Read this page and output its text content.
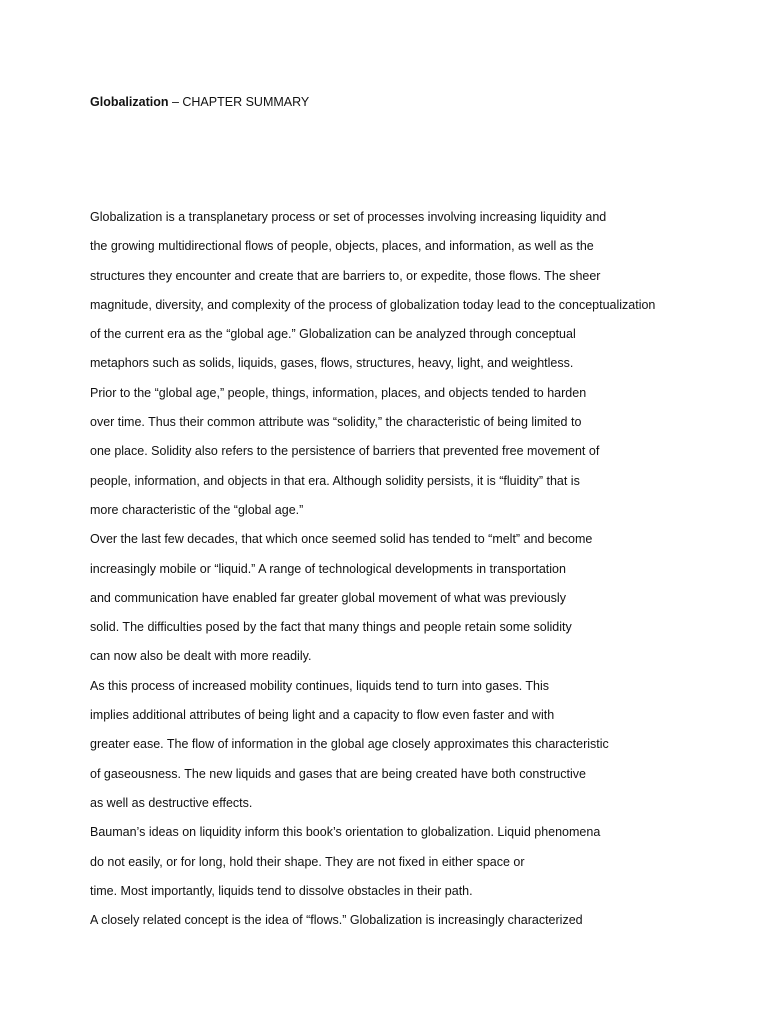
Globalization – CHAPTER SUMMARY
Globalization is a transplanetary process or set of processes involving increasing liquidity and
the growing multidirectional flows of people, objects, places, and information, as well as the
structures they encounter and create that are barriers to, or expedite, those flows. The sheer
magnitude, diversity, and complexity of the process of globalization today lead to the conceptualization
of the current era as the “global age.” Globalization can be analyzed through conceptual
metaphors such as solids, liquids, gases, flows, structures, heavy, light, and weightless.
Prior to the “global age,” people, things, information, places, and objects tended to harden
over time. Thus their common attribute was “solidity,” the characteristic of being limited to
one place. Solidity also refers to the persistence of barriers that prevented free movement of
people, information, and objects in that era. Although solidity persists, it is “fluidity” that is
more characteristic of the “global age.”
Over the last few decades, that which once seemed solid has tended to “melt” and become
increasingly mobile or “liquid.” A range of technological developments in transportation
and communication have enabled far greater global movement of what was previously
solid. The difficulties posed by the fact that many things and people retain some solidity
can now also be dealt with more readily.
As this process of increased mobility continues, liquids tend to turn into gases. This
implies additional attributes of being light and a capacity to flow even faster and with
greater ease. The flow of information in the global age closely approximates this characteristic
of gaseousness. The new liquids and gases that are being created have both constructive
as well as destructive effects.
Bauman’s ideas on liquidity inform this book’s orientation to globalization. Liquid phenomena
do not easily, or for long, hold their shape. They are not fixed in either space or
time. Most importantly, liquids tend to dissolve obstacles in their path.
A closely related concept is the idea of “flows.” Globalization is increasingly characterized
